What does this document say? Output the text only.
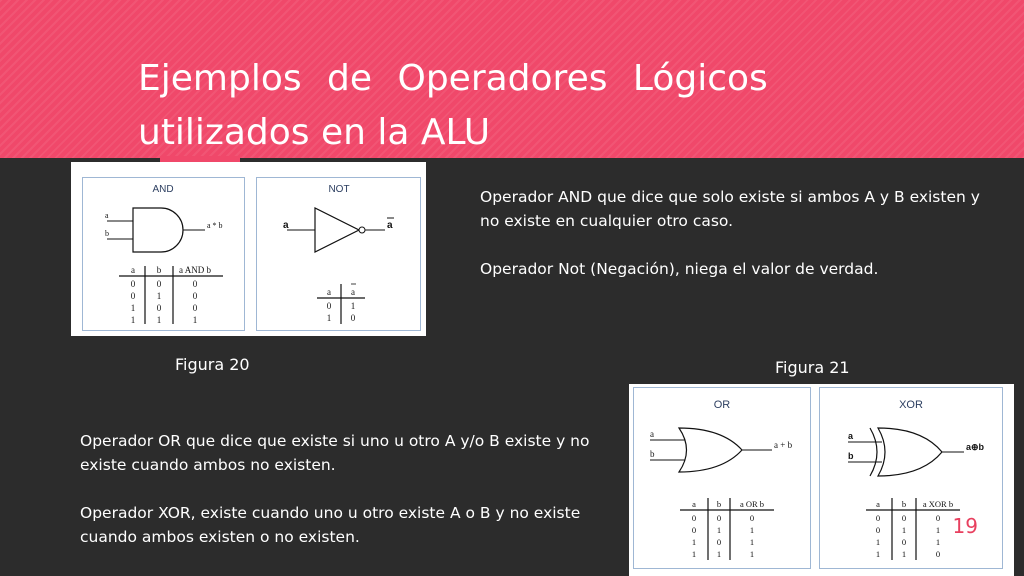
Ejemplos de Operadores Lógicos
utilizados en la ALU
AND
a
b
a * b
a b a AND b
0 0	0
0 1	0
1 0	0
1 1	1
NOT
a	a
a a
0 1
1 0
Figura 20	Figura 21
OR
a
b
a + b
a b a OR b
0 0	0
0 1	1
1 0	1
1 1	1
XOR
a
b
a⊕b
a	b a XOR b
0	0	0
0	1	1
1	0	1
1	1	0

Operador AND que dice que solo existe si ambos A y B existen y no existe en cualquier otro caso.

Operador Not (Negación), niega el valor de verdad.

Operador OR que dice que existe si uno u otro A y/o B existe y no existe cuando ambos no existen.

Operador XOR, existe cuando uno u otro existe A o B y no existe cuando ambos existen o no existen.	19
